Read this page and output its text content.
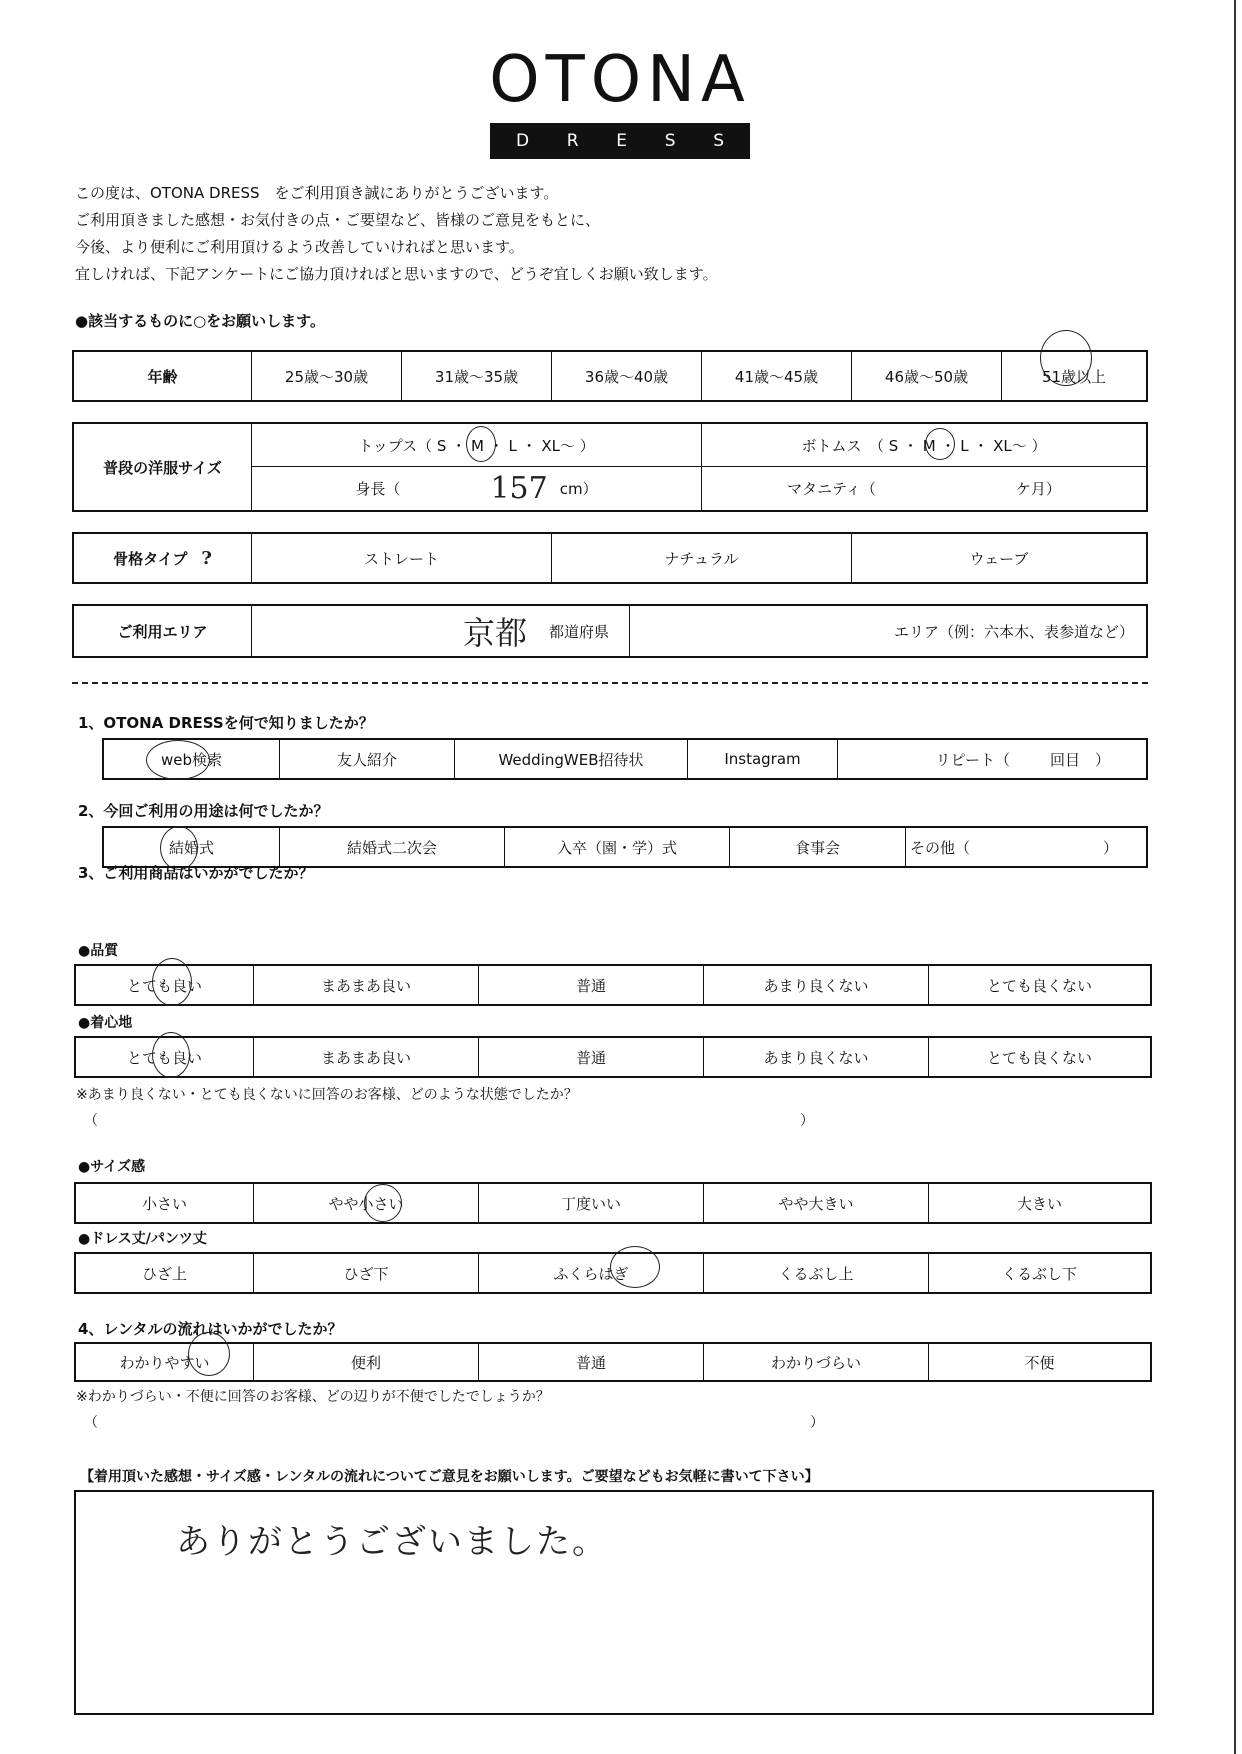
OTONA
D R E S S
この度は、OTONA DRESS　をご利用頂き誠にありがとうございます。
ご利用頂きました感想・お気付きの点・ご要望など、皆様のご意見をもとに、
今後、より便利にご利用頂けるよう改善していければと思います。
宜しければ、下記アンケートにご協力頂ければと思いますので、どうぞ宜しくお願い致します。
●該当するものに○をお願いします。
年齢	25歳～30歳	31歳～35歳	36歳～40歳	41歳～45歳	46歳～50歳	51歳以上
普段の洋服サイズ
トップス（ S ・ M ・ L ・ XL～ ）	ボトムス　（ S ・ M ・ L ・ XL～ ）
身長（	157 cm）	マタニティ（	ケ月）
骨格タイプ ?	ストレート	ナチュラル	ウェーブ
ご利用エリア	京都 都道府県	エリア（例：六本木、表参道など）
1、OTONA DRESSを何で知りましたか？
web検索	友人紹介	WeddingWEB招待状	Instagram	リピート（	回目　）
2、今回ご利用の用途は何でしたか？
結婚式	結婚式二次会	入卒（園・学）式	食事会	その他（	）
3、ご利用商品はいかがでしたか？
●品質
とても良い	まあまあ良い	普通	あまり良くない	とても良くない
●着心地
とても良い	まあまあ良い	普通	あまり良くない	とても良くない
※あまり良くない・とても良くないに回答のお客様、どのような状態でしたか？
（	）
●サイズ感
小さい	やや小さい	丁度いい	やや大きい	大きい
●ドレス丈/パンツ丈
ひざ上	ひざ下	ふくらはぎ	くるぶし上	くるぶし下
4、レンタルの流れはいかがでしたか？
わかりやすい	便利	普通	わかりづらい	不便
※わかりづらい・不便に回答のお客様、どの辺りが不便でしたでしょうか？
（	）
【着用頂いた感想・サイズ感・レンタルの流れについてご意見をお願いします。ご要望などもお気軽に書いて下さい】
ありがとうございました。
